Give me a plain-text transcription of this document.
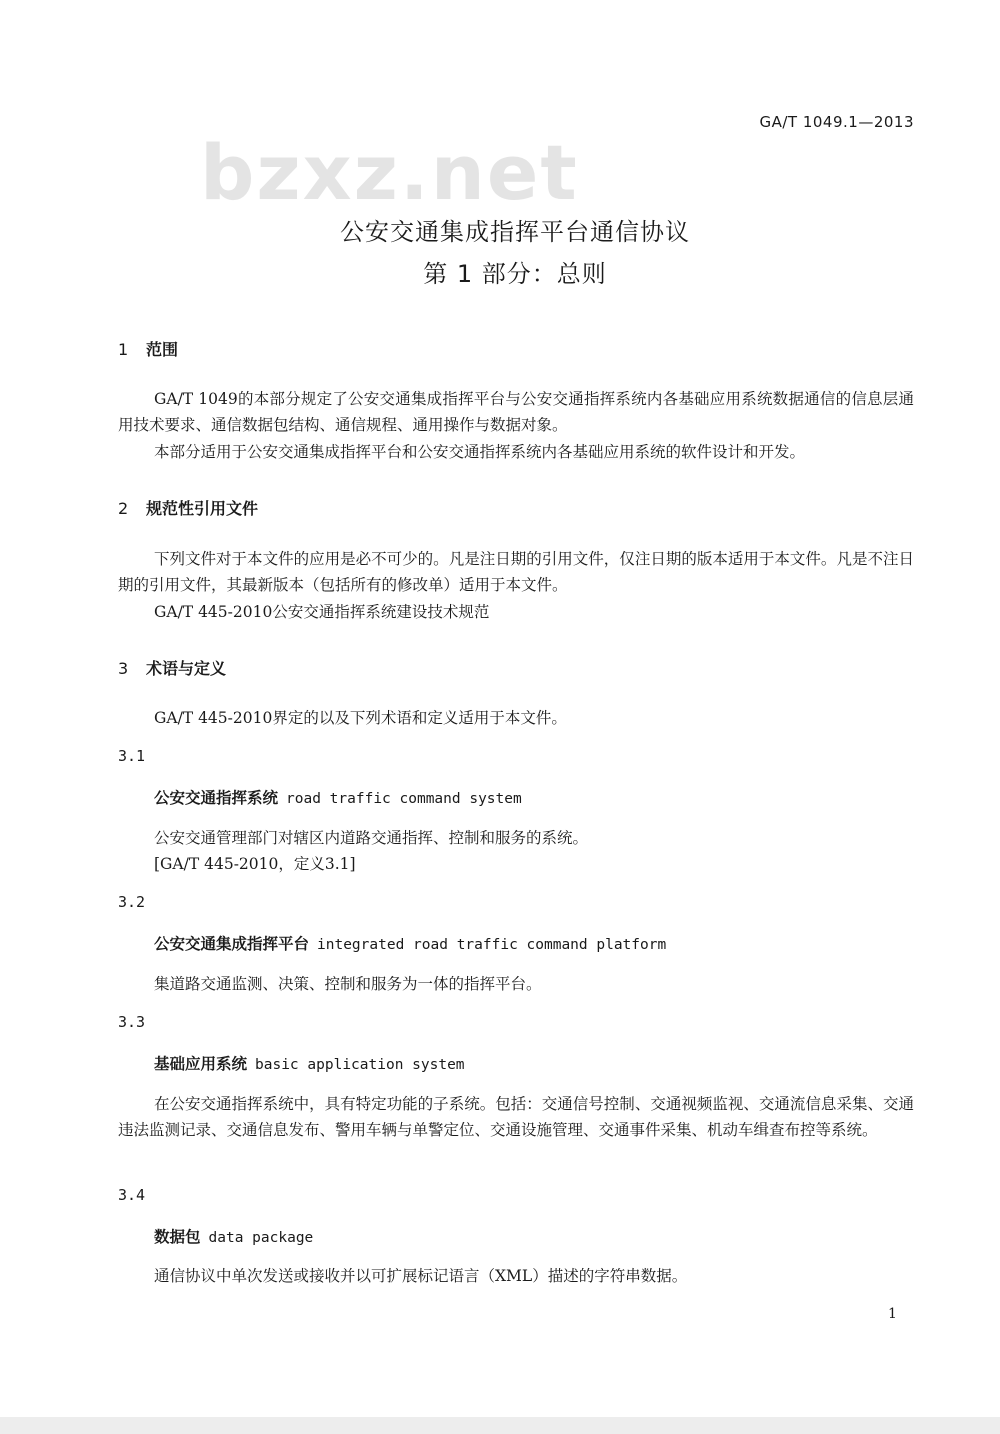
bzxz.net
GA/T 1049.1—2013
公安交通集成指挥平台通信协议
第 1 部分：总则
1 范围
GA/T 1049的本部分规定了公安交通集成指挥平台与公安交通指挥系统内各基础应用系统数据通信的信息层通用技术要求、通信数据包结构、通信规程、通用操作与数据对象。
本部分适用于公安交通集成指挥平台和公安交通指挥系统内各基础应用系统的软件设计和开发。
2 规范性引用文件
下列文件对于本文件的应用是必不可少的。凡是注日期的引用文件，仅注日期的版本适用于本文件。凡是不注日期的引用文件，其最新版本（包括所有的修改单）适用于本文件。
GA/T 445-2010公安交通指挥系统建设技术规范
3 术语与定义
GA/T 445-2010界定的以及下列术语和定义适用于本文件。
3.1
公安交通指挥系统 road traffic command system
公安交通管理部门对辖区内道路交通指挥、控制和服务的系统。
[GA/T 445-2010，定义3.1]
3.2
公安交通集成指挥平台 integrated road traffic command platform
集道路交通监测、决策、控制和服务为一体的指挥平台。
3.3
基础应用系统 basic application system
在公安交通指挥系统中，具有特定功能的子系统。包括：交通信号控制、交通视频监视、交通流信息采集、交通违法监测记录、交通信息发布、警用车辆与单警定位、交通设施管理、交通事件采集、机动车缉查布控等系统。
3.4
数据包 data package
通信协议中单次发送或接收并以可扩展标记语言（XML）描述的字符串数据。
1
